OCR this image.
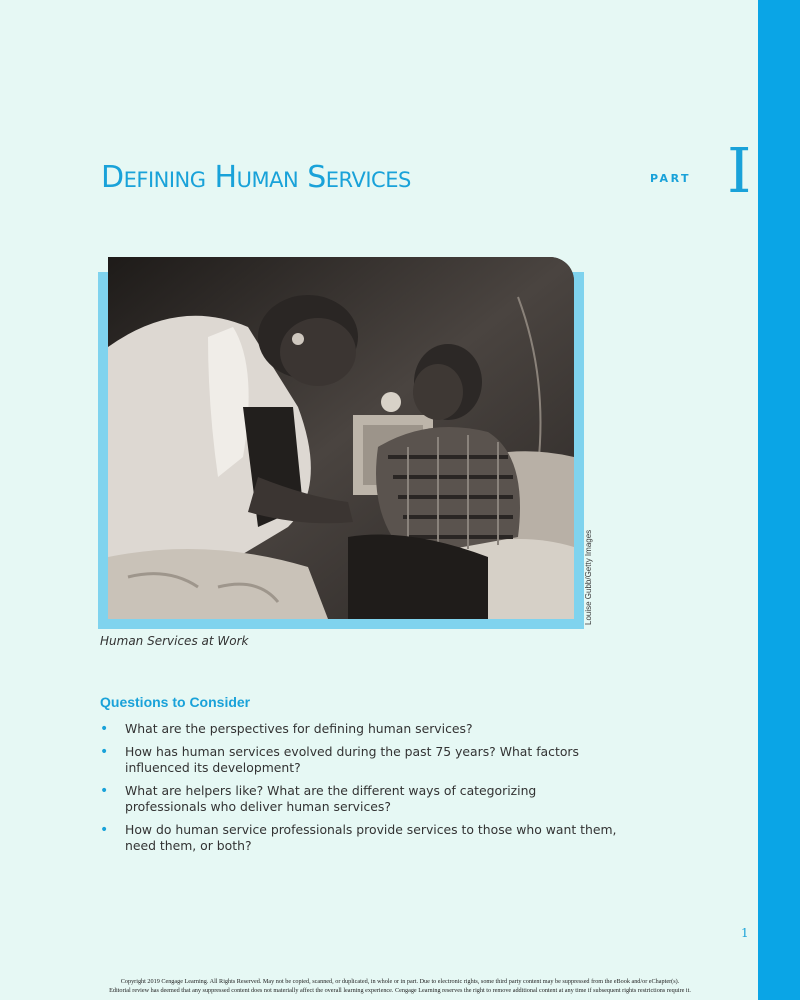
Defining Human Services	PART I
Louise Gubb/Getty Images
Human Services at Work
Questions to Consider
• What are the perspectives for defining human services?
• How has human services evolved during the past 75 years? What factors influenced its development?
• What are helpers like? What are the different ways of categorizing professionals who deliver human services?
• How do human service professionals provide services to those who want them, need them, or both?
1
Copyright 2019 Cengage Learning. All Rights Reserved. May not be copied, scanned, or duplicated, in whole or in part. Due to electronic rights, some third party content may be suppressed from the eBook and/or eChapter(s).
Editorial review has deemed that any suppressed content does not materially affect the overall learning experience. Cengage Learning reserves the right to remove additional content at any time if subsequent rights restrictions require it.
